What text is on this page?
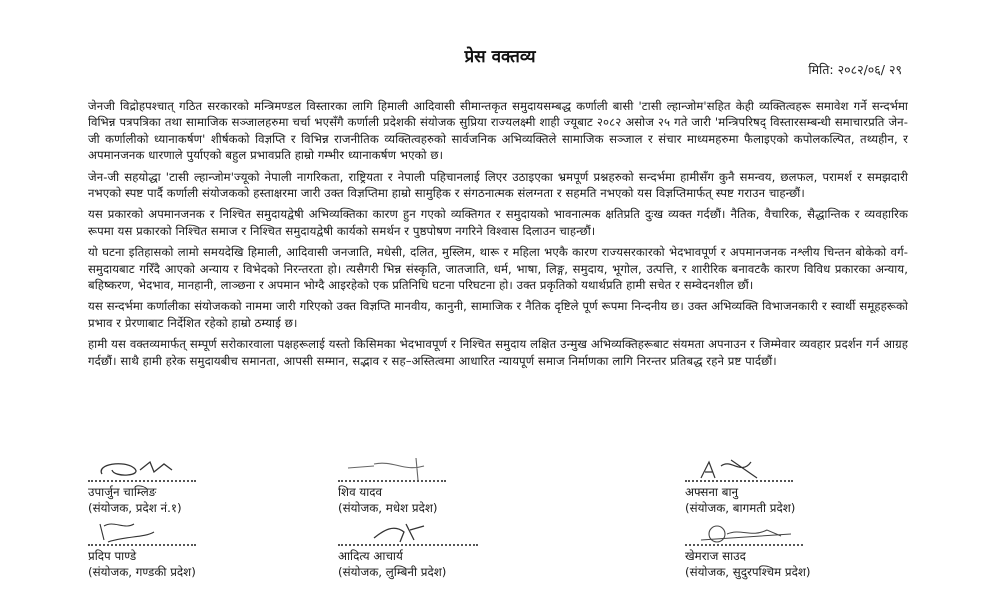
प्रेस वक्तव्य
मिति: २०८२/०६/ २९

जेनजी विद्रोहपश्चात् गठित सरकारको मन्त्रिमण्डल विस्तारका लागि हिमाली आदिवासी सीमान्तकृत समुदायसम्बद्ध कर्णाली बासी 'टासी ल्हान्जोम'सहित केही व्यक्तित्वहरू समावेश गर्ने सन्दर्भमा विभिन्न पत्रपत्रिका तथा सामाजिक सञ्जालहरुमा चर्चा भएसँगै कर्णाली प्रदेशकी संयोजक सुप्रिया राज्यलक्ष्मी शाही ज्यूबाट २०८२ असोज २५ गते जारी 'मन्त्रिपरिषद् विस्तारसम्बन्धी समाचारप्रति जेन-जी कर्णालीको ध्यानाकर्षण' शीर्षकको विज्ञप्ति र विभिन्न राजनीतिक व्यक्तित्वहरुको सार्वजनिक अभिव्यक्तिले सामाजिक सञ्जाल र संचार माध्यमहरुमा फैलाइएको कपोलकल्पित, तथ्यहीन, र अपमानजनक धारणाले पुर्याएको बहुल प्रभावप्रति हाम्रो गम्भीर ध्यानाकर्षण भएको छ।

जेन-जी सहयोद्धा 'टासी ल्हान्जोम'ज्यूको नेपाली नागरिकता, राष्ट्रियता र नेपाली पहिचानलाई लिएर उठाइएका भ्रमपूर्ण प्रश्नहरुको सन्दर्भमा हामीसँग कुनै समन्वय, छलफल, परामर्श र समझदारी नभएको स्पष्ट पार्दै कर्णाली संयोजकको हस्ताक्षरमा जारी उक्त विज्ञप्तिमा हाम्रो सामुहिक र संगठनात्मक संलग्नता र सहमति नभएको यस विज्ञप्तिमार्फत् स्पष्ट गराउन चाहन्छौं।

यस प्रकारको अपमानजनक र निश्चित समुदायद्वेषी अभिव्यक्तिका कारण हुन गएको व्यक्तिगत र समुदायको भावनात्मक क्षतिप्रति दुःख व्यक्त गर्दछौं। नैतिक, वैचारिक, सैद्धान्तिक र व्यवहारिक रूपमा यस प्रकारको निश्चित समाज र निश्चित समुदायद्वेषी कार्यको समर्थन र पुष्ठपोषण नगरिने विश्वास दिलाउन चाहन्छौं।

यो घटना इतिहासको लामो समयदेखि हिमाली, आदिवासी जनजाति, मधेसी, दलित, मुस्लिम, थारू र महिला भएकै कारण राज्यसरकारको भेदभावपूर्ण र अपमानजनक नश्लीय चिन्तन बोकेको वर्ग-समुदायबाट गरिँदै आएको अन्याय र विभेदको निरन्तरता हो। त्यसैगरी भिन्न संस्कृति, जातजाति, धर्म, भाषा, लिङ्ग, समुदाय, भूगोल, उत्पत्ति, र शारीरिक बनावटकै कारण विविध प्रकारका अन्याय, बहिष्करण, भेदभाव, मानहानी, लाञ्छना र अपमान भोग्दै आइरहेको एक प्रतिनिधि घटना परिघटना हो। उक्त प्रकृतिको यथार्थप्रति हामी सचेत र सम्वेदनशील छौं।

यस सन्दर्भमा कर्णालीका संयोजकको नाममा जारी गरिएको उक्त विज्ञप्ति मानवीय, कानुनी, सामाजिक र नैतिक दृष्टिले पूर्ण रूपमा निन्दनीय छ। उक्त अभिव्यक्ति विभाजनकारी र स्वार्थी समूहहरूको प्रभाव र प्रेरणाबाट निर्देशित रहेको हाम्रो ठम्याई छ।

हामी यस वक्तव्यमार्फत् सम्पूर्ण सरोकारवाला पक्षहरूलाई यस्तो किसिमका भेदभावपूर्ण र निश्चित समुदाय लक्षित उन्मुख अभिव्यक्तिहरूबाट संयमता अपनाउन र जिम्मेवार व्यवहार प्रदर्शन गर्न आग्रह गर्दछौं। साथै हामी हरेक समुदायबीच समानता, आपसी सम्मान, सद्भाव र सह–अस्तित्वमा आधारित न्यायपूर्ण समाज निर्माणका लागि निरन्तर प्रतिबद्ध रहने प्रष्ट पार्दछौं।

उपार्जुन चाम्लिङ
(संयोजक, प्रदेश नं.१)
शिव यादव
(संयोजक, मधेश प्रदेश)
अफ्सना बानु
(संयोजक, बागमती प्रदेश)
प्रदिप पाण्डे
(संयोजक, गण्डकी प्रदेश)
आदित्य आचार्य
(संयोजक, लुम्बिनी प्रदेश)
खेमराज साउद
(संयोजक, सुदुरपश्चिम प्रदेश)
